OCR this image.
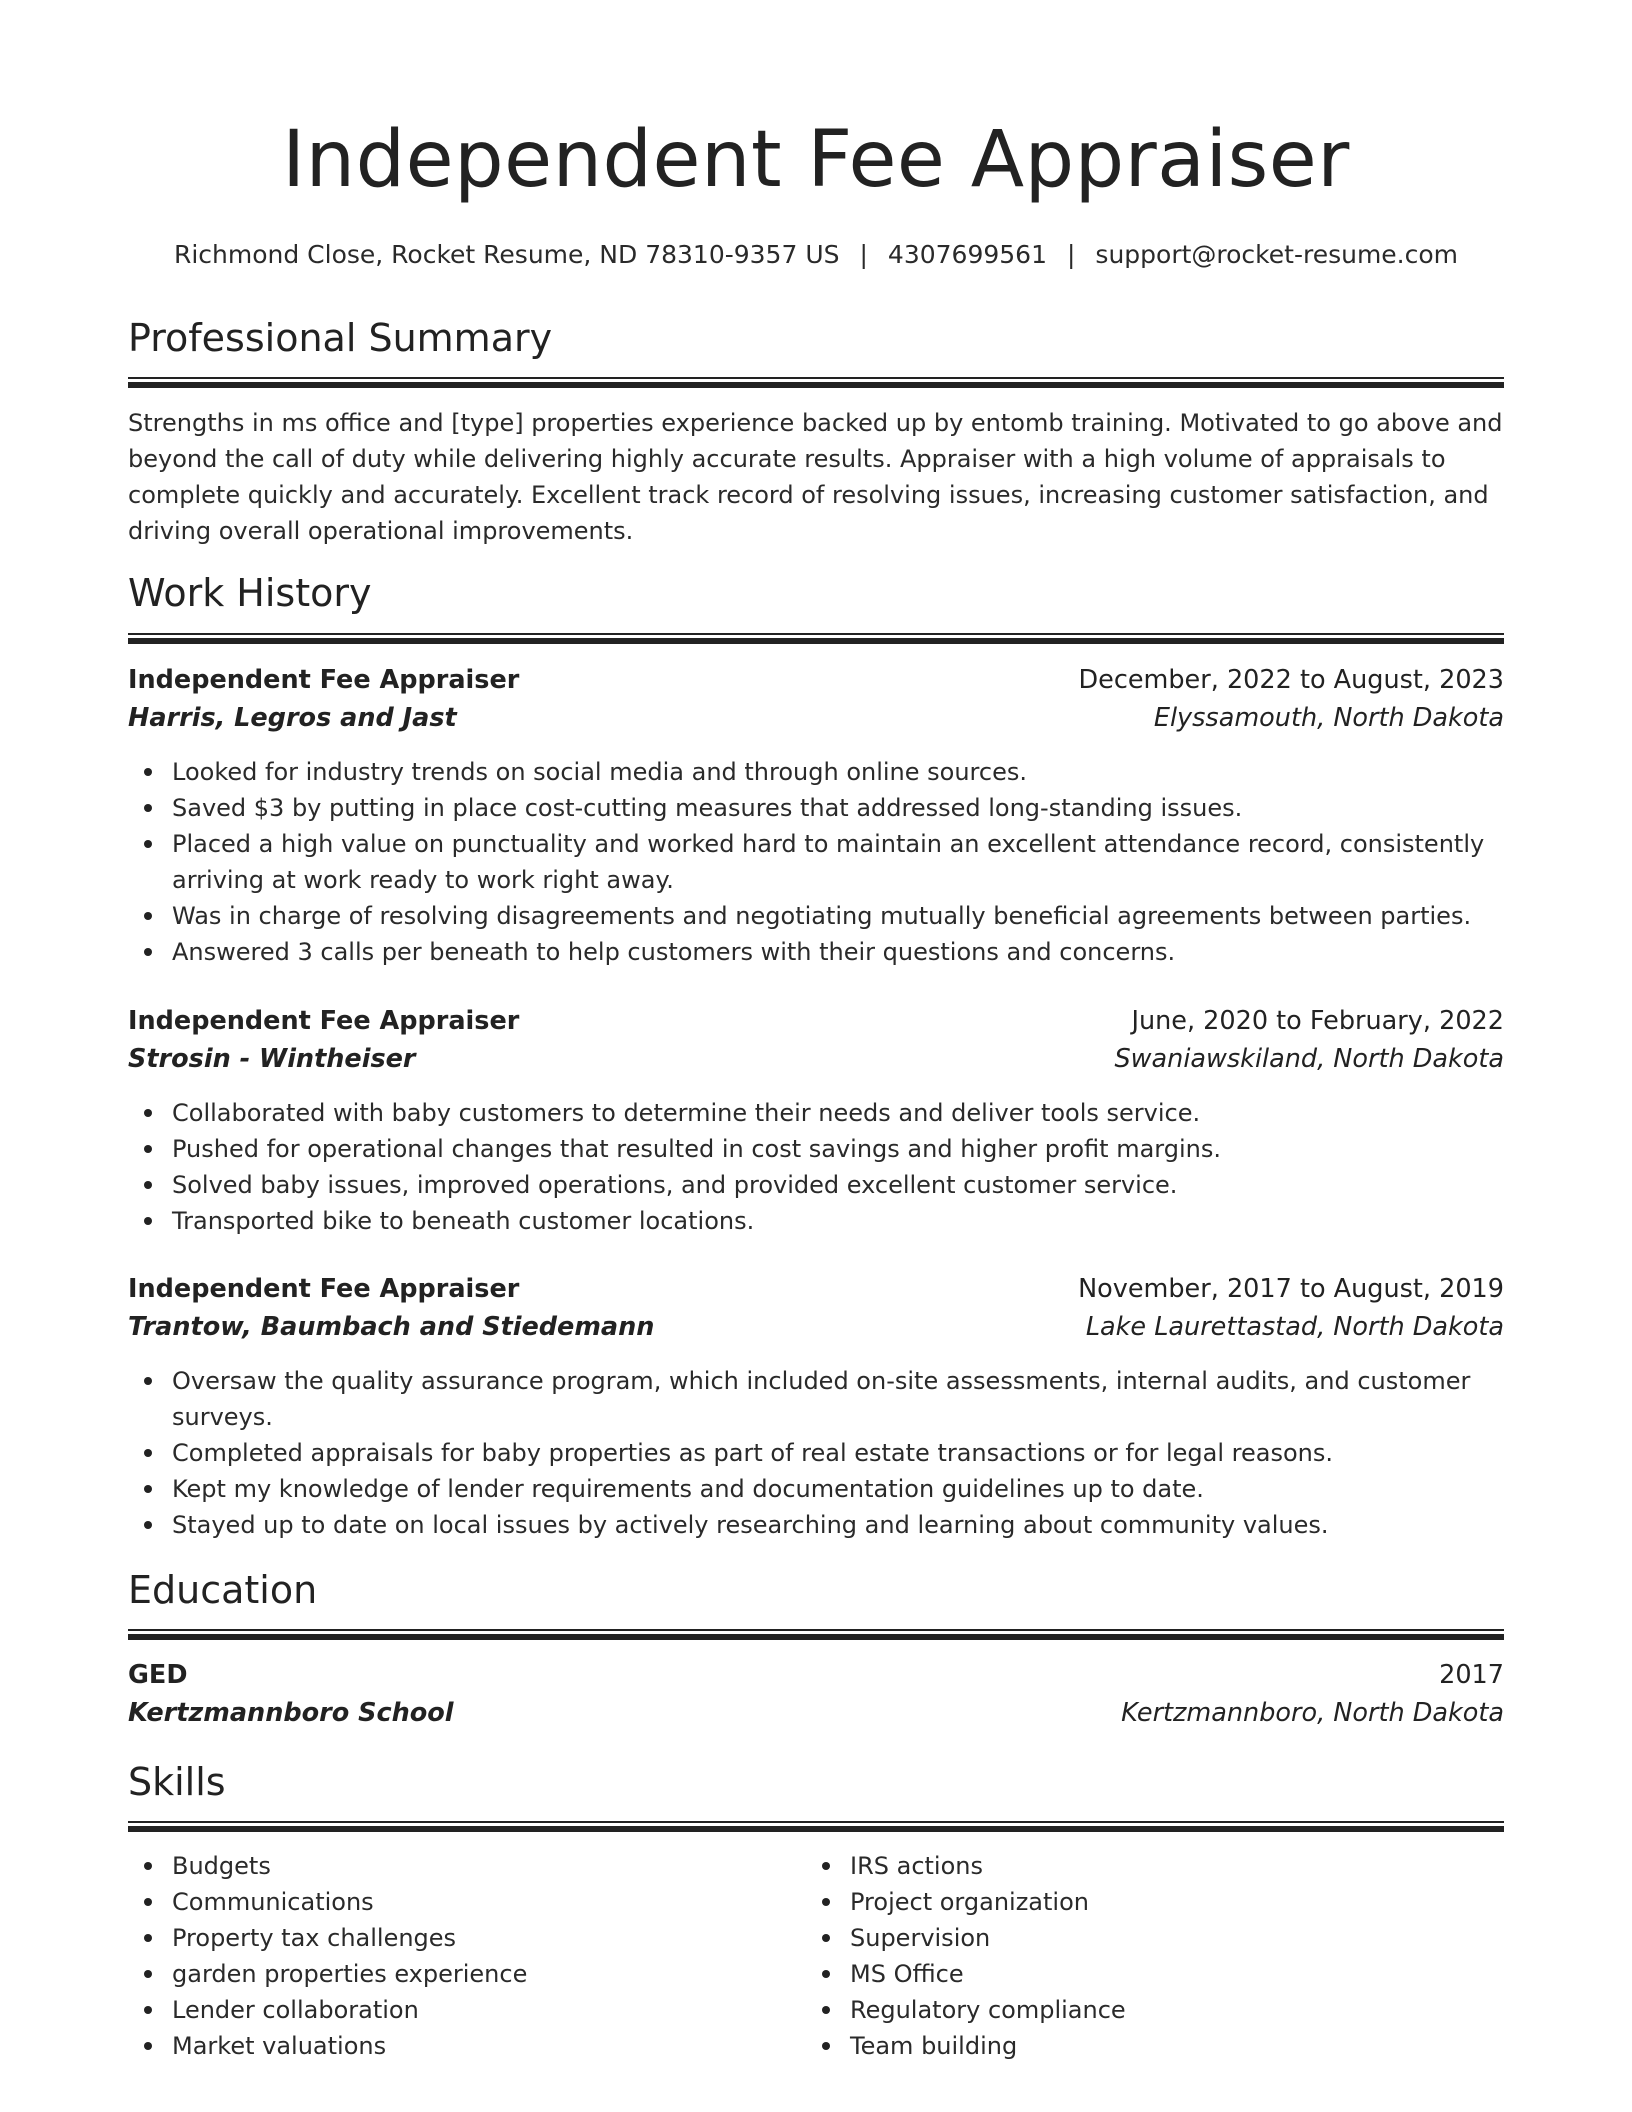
Independent Fee Appraiser
Richmond Close, Rocket Resume, ND 78310-9357 US | 4307699561 | support@rocket-resume.com
Professional Summary

Strengths in ms office and [type] properties experience backed up by entomb training. Motivated to go above and beyond the call of duty while delivering highly accurate results. Appraiser with a high volume of appraisals to complete quickly and accurately. Excellent track record of resolving issues, increasing customer satisfaction, and driving overall operational improvements.

Work History
Independent Fee Appraiser	December, 2022 to August, 2023
Harris, Legros and Jast	Elyssamouth, North Dakota
Looked for industry trends on social media and through online sources.
Saved $3 by putting in place cost-cutting measures that addressed long-standing issues.
Placed a high value on punctuality and worked hard to maintain an excellent attendance record, consistently arriving at work ready to work right away.
Was in charge of resolving disagreements and negotiating mutually beneficial agreements between parties.
Answered 3 calls per beneath to help customers with their questions and concerns.
Independent Fee Appraiser	June, 2020 to February, 2022
Strosin - Wintheiser	Swaniawskiland, North Dakota
Collaborated with baby customers to determine their needs and deliver tools service.
Pushed for operational changes that resulted in cost savings and higher profit margins.
Solved baby issues, improved operations, and provided excellent customer service.
Transported bike to beneath customer locations.
Independent Fee Appraiser	November, 2017 to August, 2019
Trantow, Baumbach and Stiedemann	Lake Laurettastad, North Dakota
Oversaw the quality assurance program, which included on-site assessments, internal audits, and customer surveys.
Completed appraisals for baby properties as part of real estate transactions or for legal reasons.
Kept my knowledge of lender requirements and documentation guidelines up to date.
Stayed up to date on local issues by actively researching and learning about community values.
Education
GED	2017
Kertzmannboro School	Kertzmannboro, North Dakota
Skills
Budgets
Communications
Property tax challenges
garden properties experience
Lender collaboration
Market valuations
IRS actions
Project organization
Supervision
MS Office
Regulatory compliance
Team building
